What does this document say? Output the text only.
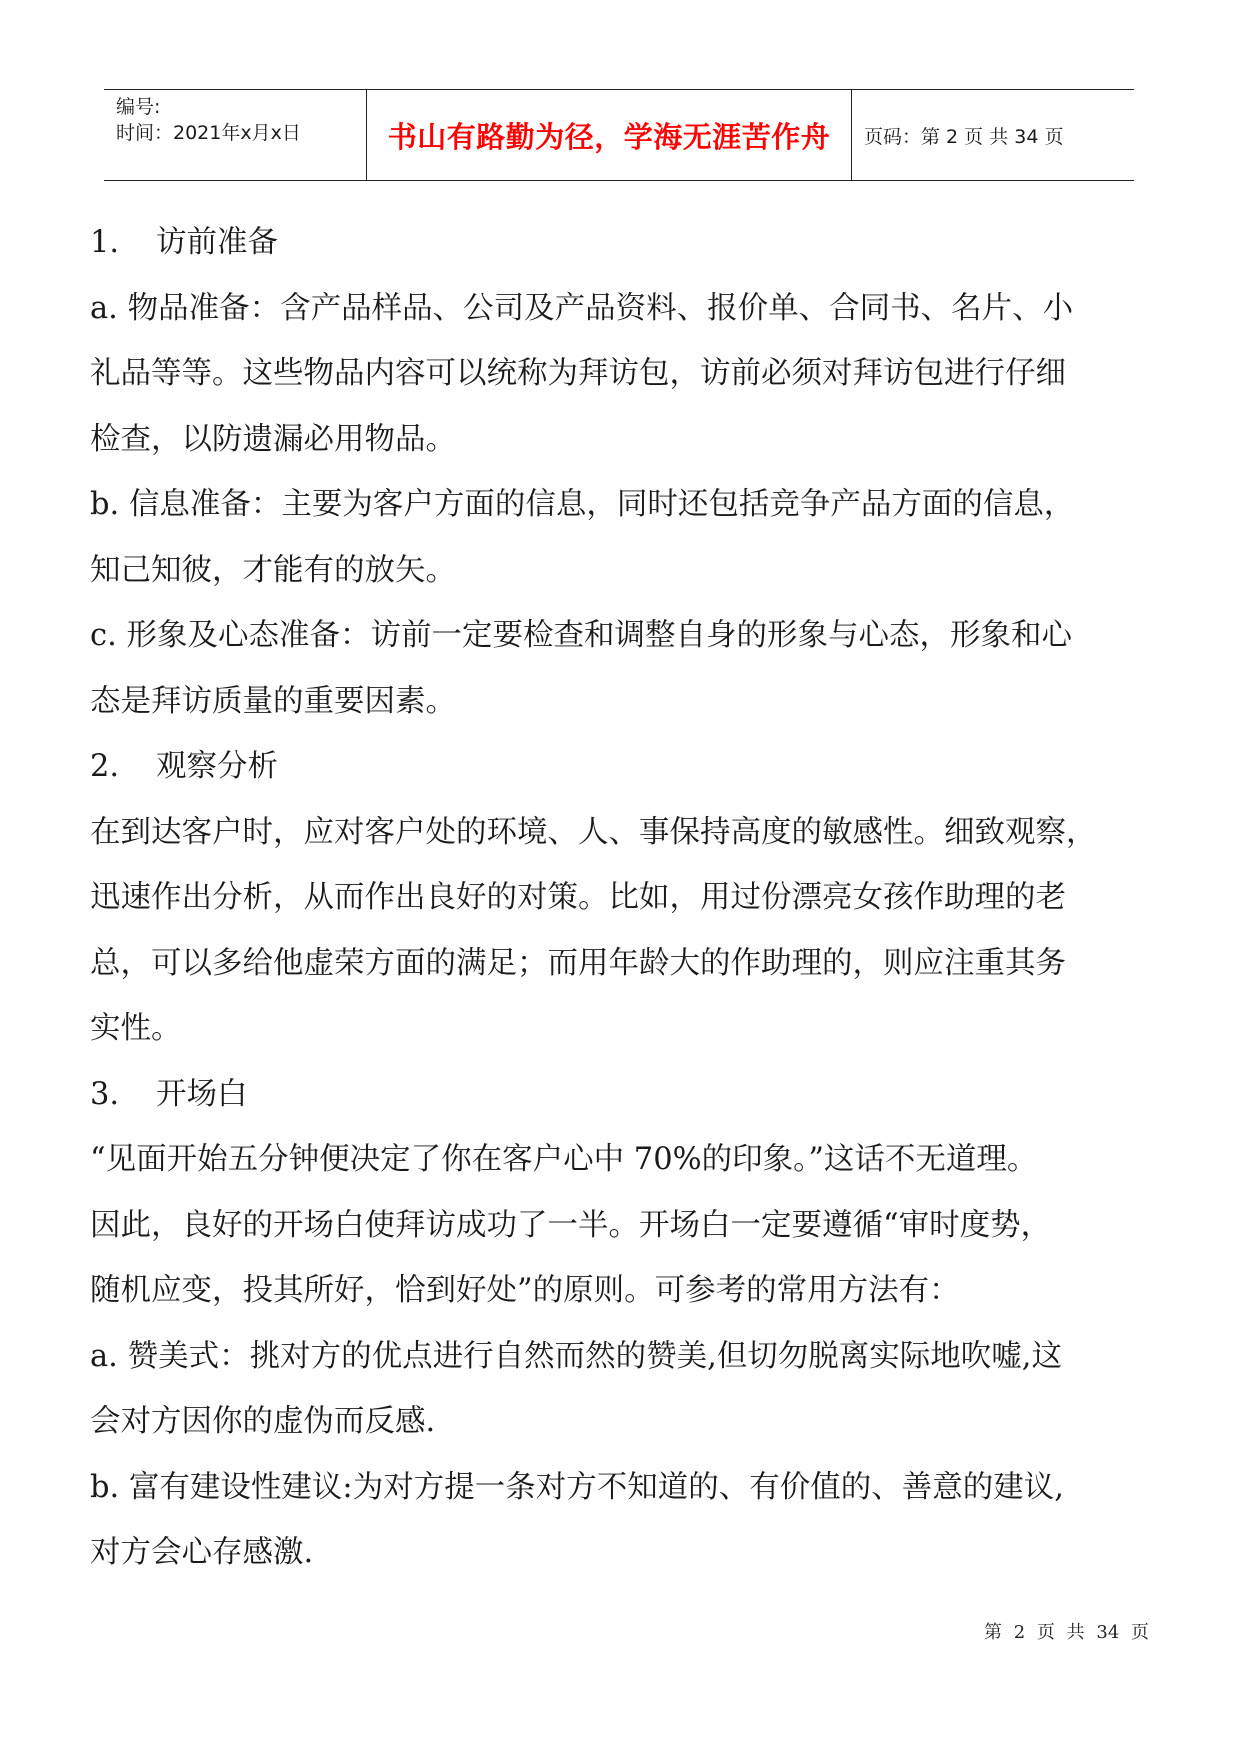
编号:
时间：2021年x月x日	书山有路勤为径，学海无涯苦作舟 页码：第 2 页 共 34 页
1. 访前准备
a. 物品准备：含产品样品、公司及产品资料、报价单、合同书、名片、小
礼品等等。这些物品内容可以统称为拜访包，访前必须对拜访包进行仔细
检查，以防遗漏必用物品。
b. 信息准备：主要为客户方面的信息，同时还包括竞争产品方面的信息，
知己知彼，才能有的放矢。
c. 形象及心态准备：访前一定要检查和调整自身的形象与心态，形象和心
态是拜访质量的重要因素。
2. 观察分析
在到达客户时，应对客户处的环境、人、事保持高度的敏感性。细致观察，
迅速作出分析，从而作出良好的对策。比如，用过份漂亮女孩作助理的老
总，可以多给他虚荣方面的满足；而用年龄大的作助理的，则应注重其务
实性。
3. 开场白
“见面开始五分钟便决定了你在客户心中 70%的印象。”这话不无道理。
因此，良好的开场白使拜访成功了一半。开场白一定要遵循“审时度势，
随机应变，投其所好，恰到好处”的原则。可参考的常用方法有：
a. 赞美式：挑对方的优点进行自然而然的赞美,但切勿脱离实际地吹嘘,这
会对方因你的虚伪而反感.
b. 富有建设性建议:为对方提一条对方不知道的、有价值的、善意的建议,
对方会心存感激.
第 2 页 共 34 页
